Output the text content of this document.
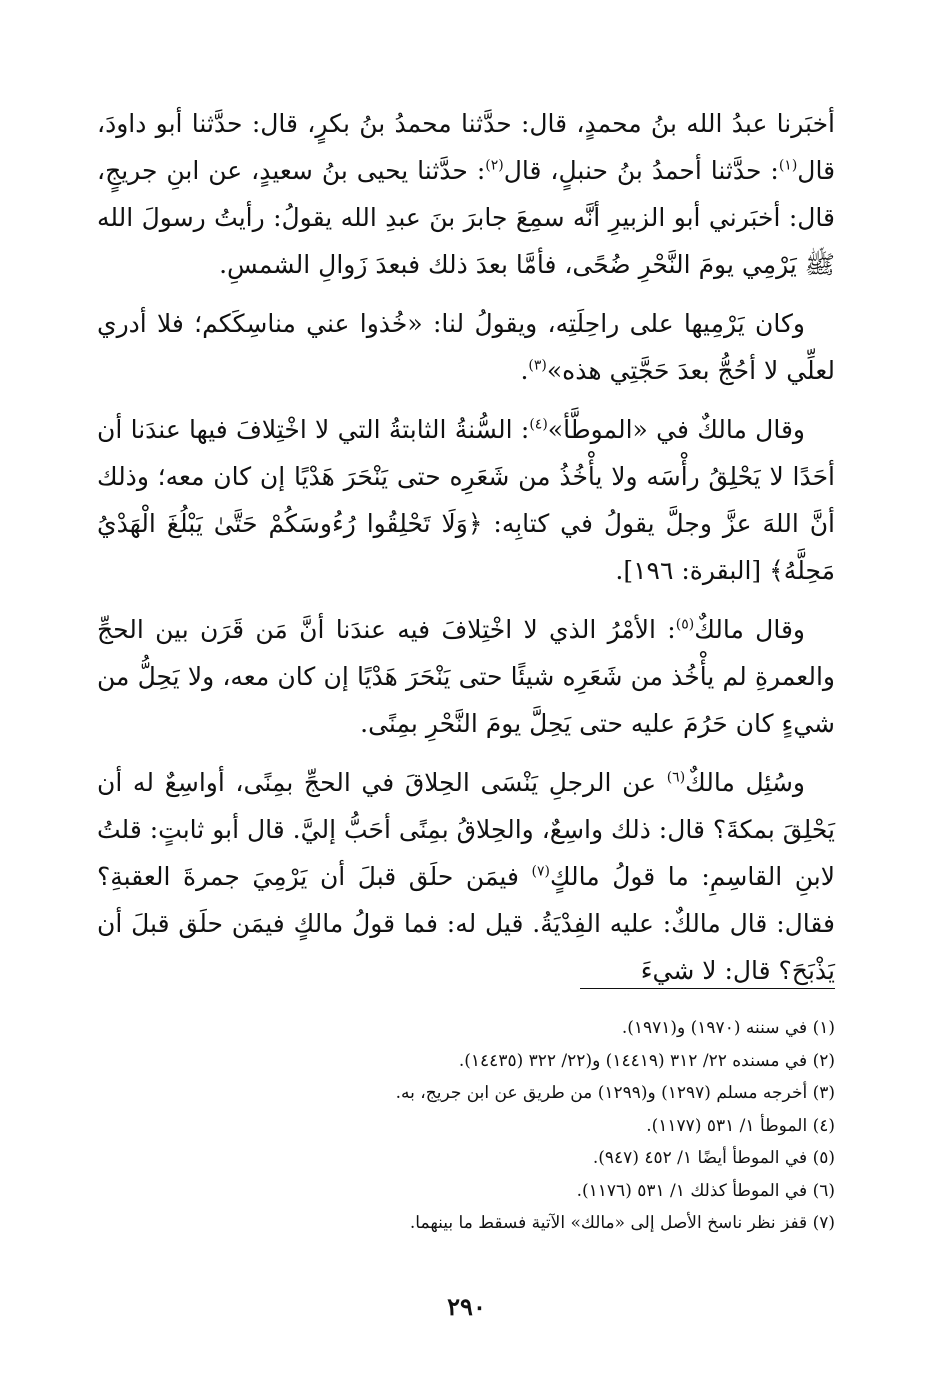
أخبَرنا عبدُ الله بنُ محمدٍ، قال: حدَّثنا محمدُ بنُ بكرٍ، قال: حدَّثنا أبو داودَ، قال$^{(١)}$: حدَّثنا أحمدُ بنُ حنبلٍ، قال$^{(٢)}$: حدَّثنا يحيى بنُ سعيدٍ، عن ابنِ جريجٍ، قال: أخبَرني أبو الزبيرِ أنَّه سمِعَ جابرَ بنَ عبدِ الله يقولُ: رأيتُ رسولَ الله ﷺ يَرْمِي يومَ النَّحْرِ ضُحًى، فأمَّا بعدَ ذلك فبعدَ زَوالِ الشمسِ.

وكان يَرْمِيها على راحِلَتِه، ويقولُ لنا: «خُذوا عني مناسِكَكم؛ فلا أدري لعلِّي لا أحُجُّ بعدَ حَجَّتِي هذه»$^{(٣)}$.

وقال مالكٌ في «الموطَّأ»$^{(٤)}$: السُّنةُ الثابتةُ التي لا اخْتِلافَ فيها عندَنا أن أحَدًا لا يَحْلِقُ رأْسَه ولا يأْخُذُ من شَعَرِه حتى يَنْحَرَ هَدْيًا إن كان معه؛ وذلك أنَّ اللهَ عزَّ وجلَّ يقولُ في كتابِه: ﴿وَلَا تَحْلِقُوا رُءُوسَكُمْ حَتَّىٰ يَبْلُغَ الْهَدْيُ مَحِلَّهُ﴾ [البقرة: ١٩٦].

وقال مالكٌ$^{(٥)}$: الأمْرُ الذي لا اخْتِلافَ فيه عندَنا أنَّ مَن قَرَن بين الحجِّ والعمرةِ لم يأْخُذ من شَعَرِه شيئًا حتى يَنْحَرَ هَدْيًا إن كان معه، ولا يَحِلُّ من شيءٍ كان حَرُمَ عليه حتى يَحِلَّ يومَ النَّحْرِ بمِنًى.

وسُئِل مالكٌ$^{(٦)}$ عن الرجلِ يَنْسَى الحِلاقَ في الحجِّ بمِنًى، أواسِعٌ له أن يَحْلِقَ بمكةَ؟ قال: ذلك واسِعٌ، والحِلاقُ بمِنًى أحَبُّ إليَّ. قال أبو ثابتٍ: قلتُ لابنِ القاسِمِ: ما قولُ مالكٍ$^{(٧)}$ فيمَن حلَق قبلَ أن يَرْمِيَ جمرةَ العقبةِ؟ فقال: قال مالكٌ: عليه الفِدْيَةُ. قيل له: فما قولُ مالكٍ فيمَن حلَق قبلَ أن يَذْبَحَ؟ قال: لا شيءَ

(١) في سننه (١٩٧٠) و(١٩٧١).
(٢) في مسنده ٢٢/ ٣١٢ (١٤٤١٩) و(٢٢/ ٣٢٢ (١٤٤٣٥).
(٣) أخرجه مسلم (١٢٩٧) و(١٢٩٩) من طريق عن ابن جريج، به.
(٤) الموطأ ١/ ٥٣١ (١١٧٧).
(٥) في الموطأ أيضًا ١/ ٤٥٢ (٩٤٧).
(٦) في الموطأ كذلك ١/ ٥٣١ (١١٧٦).
(٧) قفز نظر ناسخ الأصل إلى «مالك» الآتية فسقط ما بينهما.
٢٩٠
